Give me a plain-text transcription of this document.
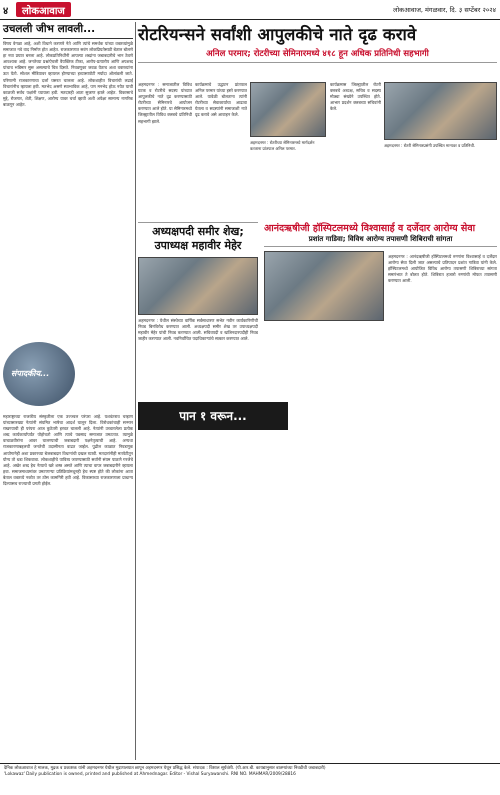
४	लोकआवाज	लोकआवाज, मंगळवार, दि. ३ सप्टेंबर २०२४
उचलली जीभ लावली...
विषय वेगळा आहे, अशी विधाने करणारे नेते आणि त्यांचे समर्थक यांच्या वक्तव्यांमुळे समाजात नवे वाद निर्माण होत आहेत. राजकारणात सवंग लोकप्रियतेसाठी बेताल बोलणे हा नवा प्रघात बनला आहे. लोकप्रतिनिधींनी आपल्या शब्दांना जबाबदारीचे भान ठेवणे आवश्यक आहे. जनतेच्या प्रश्नांऐवजी वैयक्तिक टीका, आरोप-प्रत्यारोप आणि अपशब्द यांचाच भडिमार सुरू असल्याचे चित्र दिसते. निवडणुका जवळ येताच अशा वक्तव्यांना ऊत येतो. सोशल मीडियावर व्हायरल होण्याच्या हव्यासापोटी मर्यादा ओलांडली जाते. परिणामी राजकारणाचा दर्जा घसरत चालला आहे. लोकशाहीत विचारांची लढाई विचारांनीच व्हायला हवी. मतभेद असणे स्वाभाविक आहे, पण मनभेद होऊ नयेत याची काळजी सर्वच पक्षांनी घ्यायला हवी. मतदारही आता सुजाण झाले आहेत. विकासाचे मुद्दे, रोजगार, शेती, शिक्षण, आरोग्य यावर चर्चा व्हावी अशी अपेक्षा सामान्य नागरिक बाळगून आहेत.
संपादकीय...
महाराष्ट्राच्या राजकीय संस्कृतीला एक उज्ज्वल परंपरा आहे. यशवंतराव चव्हाण यांच्यासारख्या नेत्यांनी संयमित भाषेचा आदर्श घालून दिला. विरोधकांचाही सन्मान राखण्याची ही परंपरा आज कुठेतरी हरवत चालली आहे. नेत्यांनी उच्चारलेला प्रत्येक शब्द कार्यकर्त्यांपर्यंत पोहोचतो आणि त्याचे पडसाद समाजात उमटतात. त्यामुळे वाचाळवीरांना आवर घालण्याची जबाबदारी पक्षनेतृत्वाची आहे. अन्यथा राजकारणाबद्दलची जनतेची उदासीनता वाढत जाईल. पुढील काळात निवडणूक आयोगानेही अशा प्रकारच्या बेजबाबदार विधानांची दखल घ्यावी. मतदारांनीही मतपेटीतून योग्य तो धडा शिकवावा. लोकशाहीचे पावित्र्य जपण्यासाठी सर्वांनी संयम पाळणे गरजेचे आहे. अखेर शब्द हेच नेत्याचे खरे शस्त्र असते आणि त्याचा वापर जबाबदारीने व्हायला हवा. समाजमाध्यमांवर उमटणाऱ्या प्रतिक्रियांमधूनही हेच स्पष्ट होते की लोकांना आता बेताल वक्तव्ये नकोत तर ठोस कामगिरी हवी आहे. विकासाच्या राजकारणाला प्राधान्य दिल्यासच राज्याची प्रगती होईल.
रोटरियन्सने सर्वांशी आपुलकीचे नाते दृढ करावे
अनिल परमार; रोटरीच्या सेमिनारमध्ये ४१८ हून अधिक प्रतिनिधी सहभागी
अहमदनगर : समाजातील विविध घटक व रोटरीचे सदस्य यांच्यात आपुलकीचे नाते दृढ करण्यासाठी रोटरीच्या सेमिनारचे आयोजन करण्यात आले होते. या सेमिनारमध्ये जिल्ह्यातील विविध क्लबचे प्रतिनिधी सहभागी झाले.
कार्यक्रमाचे उद्घाटन प्रांतपाल अनिल परमार यांच्या हस्ते करण्यात आले. यावेळी बोलताना त्यांनी रोटरीच्या सेवाकार्याचा आढावा घेतला व सदस्यांनी समाजाशी नाते दृढ करावे असे आवाहन केले.
अहमदनगर : रोटरीच्या सेमिनारमध्ये मार्गदर्शन करताना प्रांतपाल अनिल परमार.
कार्यक्रमास जिल्ह्यातील रोटरी क्लबचे अध्यक्ष, सचिव व सदस्य मोठ्या संख्येने उपस्थित होते. आभार प्रदर्शन क्लबच्या सचिवांनी केले.
अहमदनगर : रोटरी सेमिनारप्रसंगी उपस्थित मान्यवर व प्रतिनिधी.
अध्यक्षपदी समीर शेख; उपाध्यक्ष महावीर मेहेर
अहमदनगर : येथील संस्थेच्या वार्षिक सर्वसाधारण सभेत नवीन कार्यकारिणीची निवड बिनविरोध करण्यात आली. अध्यक्षपदी समीर शेख तर उपाध्यक्षपदी महावीर मेहेर यांची निवड करण्यात आली. सचिवपदी व खजिनदारपदीही निवड जाहीर करण्यात आली. नवनिर्वाचित पदाधिकाऱ्यांचे सत्कार करण्यात आले.
आनंदऋषीजी हॉस्पिटलमध्ये विश्वासार्ह व दर्जेदार आरोग्य सेवा
प्रशांत गाडिवा; विविध आरोग्य तपासणी शिबिराची सांगता
अहमदनगर : आनंदऋषीजी हॉस्पिटलमध्ये रुग्णांना विश्वासार्ह व दर्जेदार आरोग्य सेवा दिली जात असल्याचे प्रतिपादन प्रशांत गाडिवा यांनी केले. हॉस्पिटलमध्ये आयोजित विविध आरोग्य तपासणी शिबिराच्या सांगता समारंभात ते बोलत होते. शिबिरात हजारो रुग्णांची मोफत तपासणी करण्यात आली.
पान १ वरून...

दैनिक लोकआवाज हे मालक, मुद्रक व प्रकाशक यांनी अहमदनगर येथील मुद्रणालयात छापून अहमदनगर येथून प्रसिद्ध केले. संपादक : विशाल सूर्यवंशी. (पी.आर.बी. कायद्यानुसार बातम्यांच्या निवडीची जबाबदारी)

'Lokawaz' Daily publication is owned, printed and published at Ahmednagar. Editor - Vishal Suryawanshi. RNI NO. MAHMAR/2009/28816
